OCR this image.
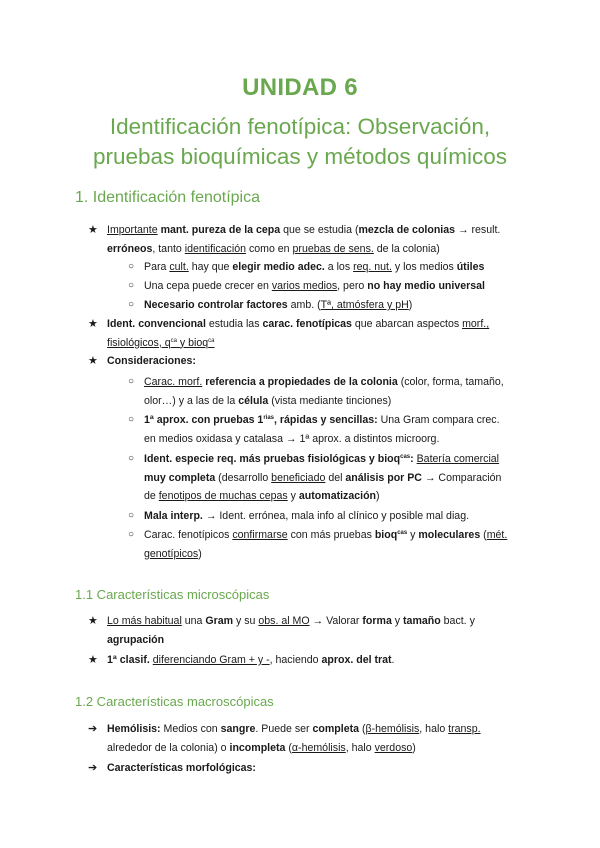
UNIDAD 6
Identificación fenotípica: Observación,
pruebas bioquímicas y métodos químicos
1. Identificación fenotípica
★ Importante mant. pureza de la cepa que se estudia (mezcla de colonias → result.
erróneos, tanto identificación como en pruebas de sens. de la colonia)
○ Para cult. hay que elegir medio adec. a los req. nut. y los medios útiles
○ Una cepa puede crecer en varios medios, pero no hay medio universal
○ Necesario controlar factores amb. (Tª, atmósfera y pH)
★ Ident. convencional estudia las carac. fenotípicas que abarcan aspectos morf.,
fisiológicos, $q^{ca}$ y bioq$^{ca}$
★ Consideraciones:
○ Carac. morf. referencia a propiedades de la colonia (color, forma, tamaño,
olor…) y a las de la célula (vista mediante tinciones)
○ 1ª aprox. con pruebas $1^{rias}$, rápidas y sencillas: Una Gram compara crec.
en medios oxidasa y catalasa → 1ª aprox. a distintos microorg.
○ Ident. especie req. más pruebas fisiológicas y bioq$^{cas}$: Batería comercial
muy completa (desarrollo beneficiado del análisis por PC → Comparación
de fenotipos de muchas cepas y automatización)
○ Mala interp. → Ident. errónea, mala info al clínico y posible mal diag.
○ Carac. fenotípicos confirmarse con más pruebas bioq$^{cas}$ y moleculares (mét.
genotípicos)
1.1 Características microscópicas
★ Lo más habitual una Gram y su obs. al MO → Valorar forma y tamaño bact. y
agrupación
★ 1ª clasif. diferenciando Gram + y -, haciendo aprox. del trat.
1.2 Características macroscópicas
➔ Hemólisis: Medios con sangre. Puede ser completa (β-hemólisis, halo transp.
alrededor de la colonia) o incompleta (α-hemólisis, halo verdoso)
➔ Características morfológicas:
